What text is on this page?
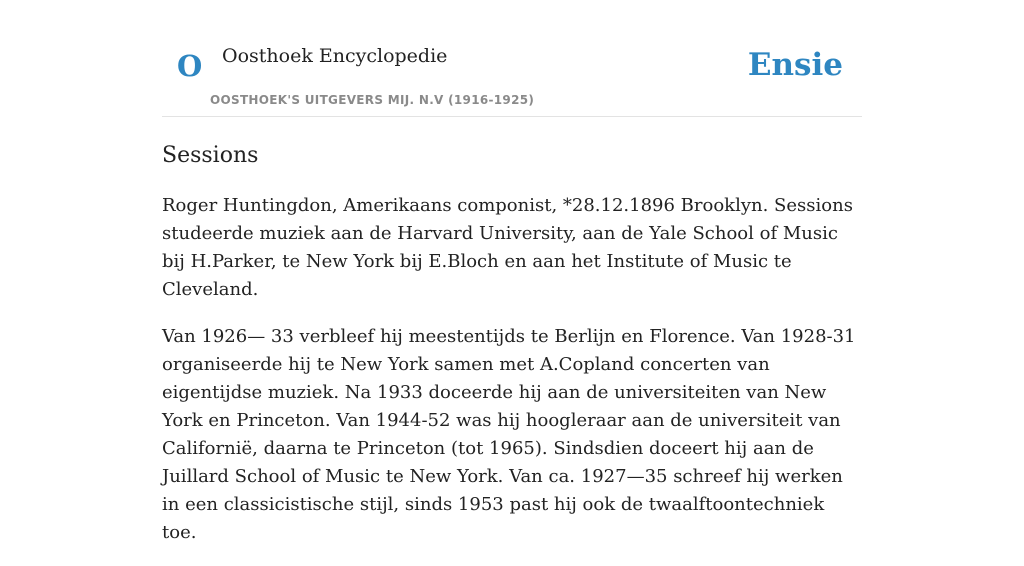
O Oosthoek Encyclopedie
OOSTHOEK'S UITGEVERS MIJ. N.V (1916-1925)
Ensie
Sessions

Roger Huntingdon, Amerikaans componist, *28.12.1896 Brooklyn. Sessions studeerde muziek aan de Harvard University, aan de Yale School of Music bij H.Parker, te New York bij E.Bloch en aan het Institute of Music te Cleveland.

Van 1926— 33 verbleef hij meestentijds te Berlijn en Florence. Van 1928-31 organiseerde hij te New York samen met A.Copland concerten van eigentijdse muziek. Na 1933 doceerde hij aan de universiteiten van New York en Princeton. Van 1944-52 was hij hoogleraar aan de universiteit van Californië, daarna te Princeton (tot 1965). Sindsdien doceert hij aan de Juillard School of Music te New York. Van ca. 1927—35 schreef hij werken in een classicistische stijl, sinds 1953 past hij ook de twaalftoontechniek toe.
